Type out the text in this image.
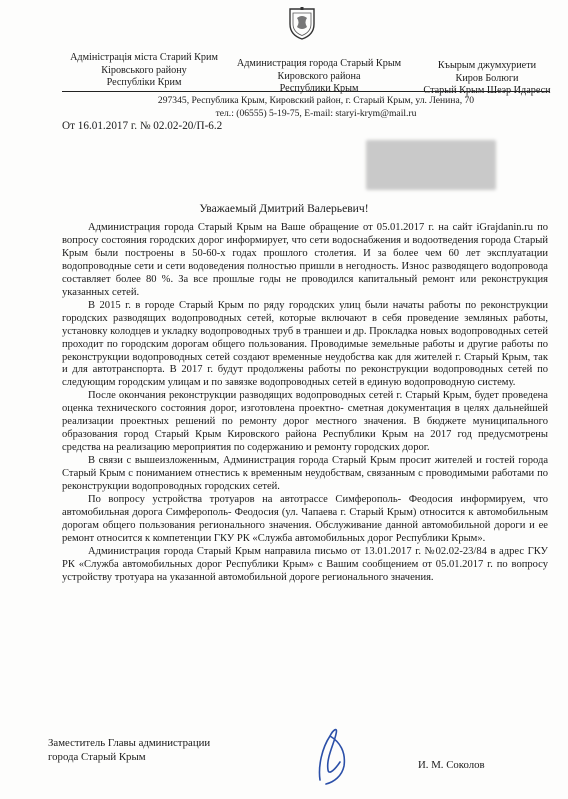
Адміністрація міста Старий Крим
Кіровського району
Республіки Крим
Администрация города Старый Крым
Кировского района
Республики Крым
Къырым джумхуриети
Киров Болюги
Старый Крым Шеэр Идареси
297345, Республика Крым, Кировский район, г. Старый Крым, ул. Ленина, 70
тел.: (06555) 5-19-75, E-mail: staryi-krym@mail.ru
От 16.01.2017 г. № 02.02-20/П-6.2
Уважаемый Дмитрий Валерьевич!

Администрация города Старый Крым на Ваше обращение от 05.01.2017 г. на сайт iGrajdanin.ru по вопросу состояния городских дорог информирует, что сети водоснабжения и водоотведения города Старый Крым были построены в 50-60-х годах прошлого столетия. И за более чем 60 лет эксплуатации водопроводные сети и сети водоведения полностью пришли в негодность. Износ разводящего водопровода составляет более 80 %. За все прошлые годы не проводился капитальный ремонт или реконструкция указанных сетей.

В 2015 г. в городе Старый Крым по ряду городских улиц были начаты работы по реконструкции городских разводящих водопроводных сетей, которые включают в себя проведение земляных работы, установку колодцев и укладку водопроводных труб в траншеи и др. Прокладка новых водопроводных сетей проходит по городским дорогам общего пользования. Проводимые земельные работы и другие работы по реконструкции водопроводных сетей создают временные неудобства как для жителей г. Старый Крым, так и для автотранспорта. В 2017 г. будут продолжены работы по реконструкции водопроводных сетей по следующим городским улицам и по завязке водопроводных сетей в единую водопроводную систему.

После окончания реконструкции разводящих водопроводных сетей г. Старый Крым, будет проведена оценка технического состояния дорог, изготовлена проектно- сметная документация в целях дальнейшей реализации проектных решений по ремонту дорог местного значения. В бюджете муниципального образования город Старый Крым Кировского района Республики Крым на 2017 год предусмотрены средства на реализацию мероприятия по содержанию и ремонту городских дорог.

В связи с вышеизложенным, Администрация города Старый Крым просит жителей и гостей города Старый Крым с пониманием отнестись к временным неудобствам, связанным с проводимыми работами по реконструкции водопроводных городских сетей.

По вопросу устройства тротуаров на автотрассе Симферополь- Феодосия информируем, что автомобильная дорога Симферополь- Феодосия (ул. Чапаева г. Старый Крым) относится к автомобильным дорогам общего пользования регионального значения. Обслуживание данной автомобильной дороги и ее ремонт относится к компетенции ГКУ РК «Служба автомобильных дорог Республики Крым».

Администрация города Старый Крым направила письмо от 13.01.2017 г. №02.02-23/84 в адрес ГКУ РК «Служба автомобильных дорог Республики Крым» с Вашим сообщением от 05.01.2017 г. по вопросу устройству тротуара на указанной автомобильной дороге регионального значения.

Заместитель Главы администрации
города Старый Крым
И. М. Соколов
